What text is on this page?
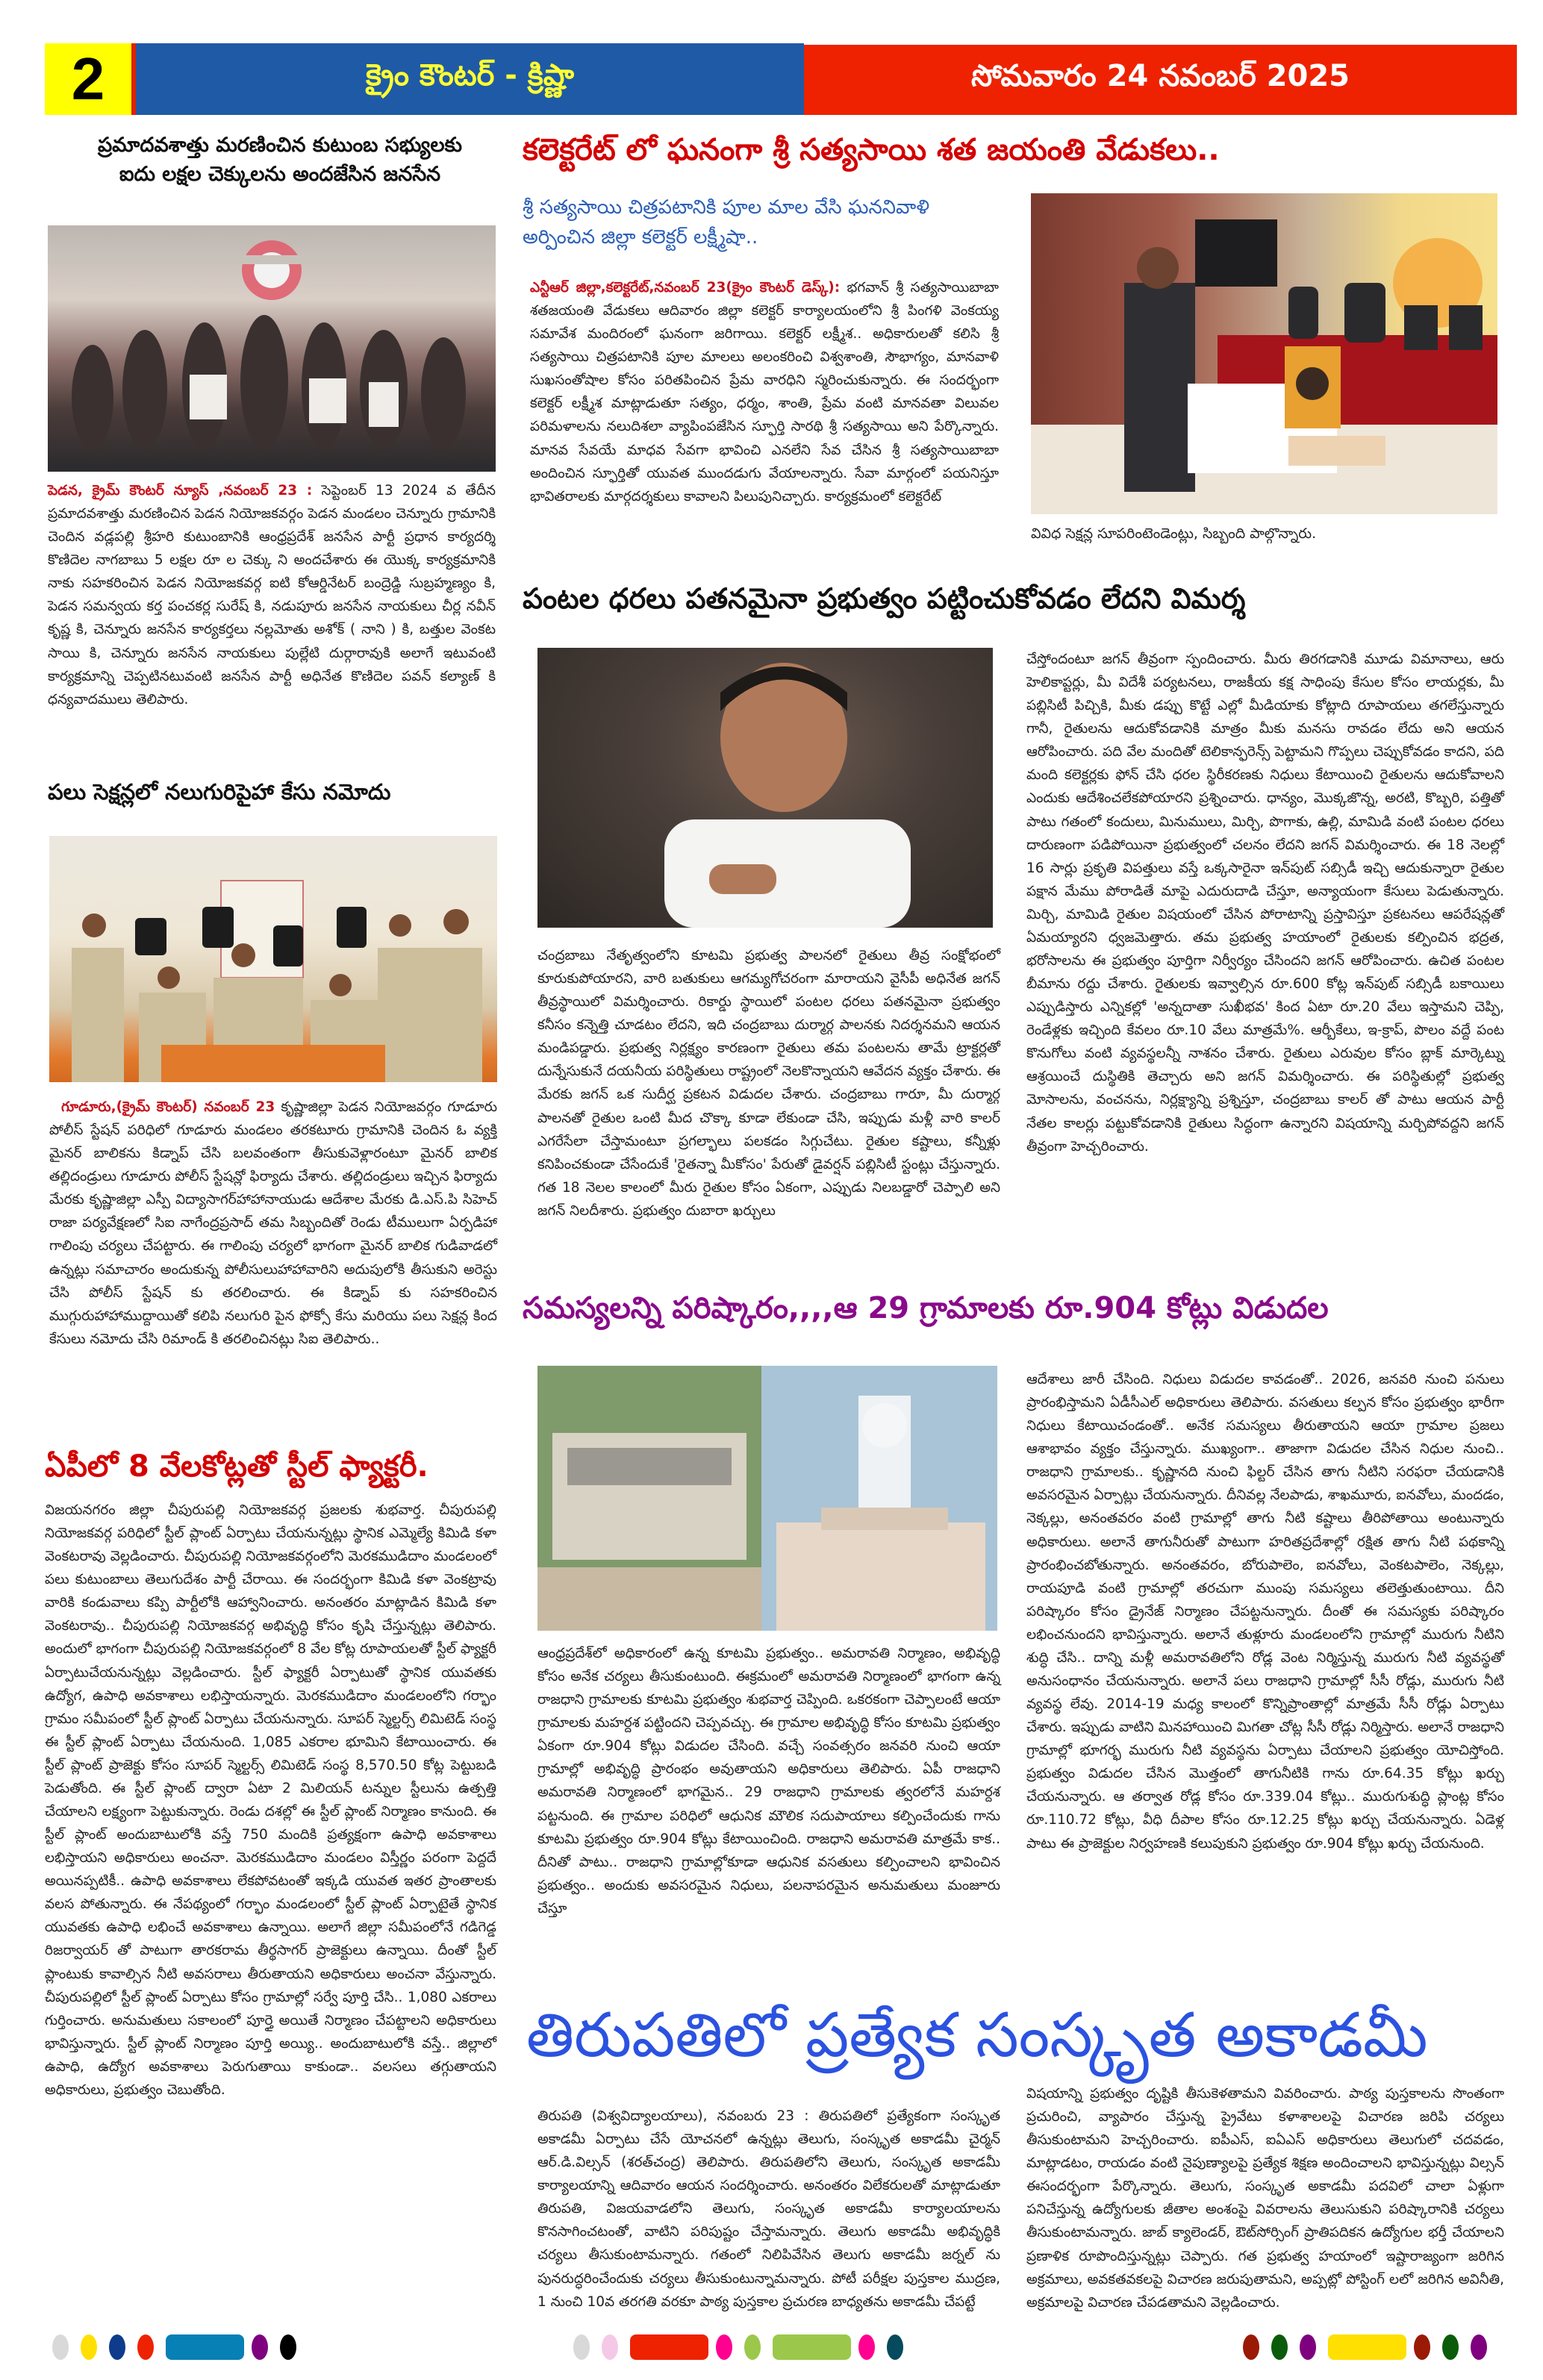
2	క్రైం కౌంటర్ - క్రిష్ణా	సోమవారం 24 నవంబర్ 2025
ప్రమాదవశాత్తు మరణించిన కుటుంబ సభ్యులకు
ఐదు లక్షల చెక్కులను అందజేసిన జనసేన
పెడన, క్రైమ్ కౌంటర్ న్యూస్ ,నవంబర్ 23 : సెప్టెంబర్ 13 2024 వ తేదీన ప్రమాదవశాత్తు మరణించిన పెడన నియోజకవర్గం పెడన మండలం చెన్నూరు గ్రామానికి చెందిన వడ్లపల్లి శ్రీహరి కుటుంబానికి ఆంధ్రప్రదేశ్ జనసేన పార్టీ ప్రధాన కార్యదర్శి కొణిదెల నాగబాబు 5 లక్షల రూ ల చెక్కు ని అందచేశారు ఈ యొక్క కార్యక్రమానికి నాకు సహకరించిన పెడన నియోజకవర్గ ఐటి కోఆర్డినేటర్ బంద్రెడ్డి సుబ్రహ్మణ్యం కి, పెడన సమన్వయ కర్త పంచకర్ల సురేష్ కి, నడుపూరు జనసేన నాయకులు చీర్ల నవీన్ కృష్ణ కి, చెన్నూరు జనసేన కార్యకర్తలు నల్లమోతు అశోక్ ( నాని ) కి, బత్తుల వెంకట సాయి కి, చెన్నూరు జనసేన నాయకులు పుల్లేటి దుర్గారావుకి అలాగే ఇటువంటి కార్యక్రమాన్ని చెప్పటినటువంటి జనసేన పార్టీ అధినేత కొణిదెల పవన్ కల్యాణ్ కి ధన్యవాదములు తెలిపారు.
పలు సెక్షన్లలో నలుగురిపైహా కేసు నమోదు
గూడూరు,(క్రైమ్ కౌంటర్) నవంబర్ 23 కృష్ణాజిల్లా పెడన నియోజవర్గం గూడూరు పోలీస్ స్టేషన్ పరిధిలో గూడూరు మండలం తరకటూరు గ్రామానికి చెందిన ఓ వ్యక్తి మైనర్ బాలికను కిడ్నాప్ చేసి బలవంతంగా తీసుకువెళ్లారంటూ మైనర్ బాలిక తల్లిదండ్రులు గూడూరు పోలీస్ స్టేషన్లో ఫిర్యాదు చేశారు. తల్లిదండ్రులు ఇచ్చిన ఫిర్యాదు మేరకు కృష్ణాజిల్లా ఎస్పీ విద్యాసాగర్‌హాహానాయుడు ఆదేశాల మేరకు డి.ఎస్.పి సిహెచ్ రాజా పర్యవేక్షణలో సిఐ నాగేంద్రప్రసాద్ తమ సిబ్బందితో రెండు టీములుగా ఏర్పడిహా గాలింపు చర్యలు చేపట్టారు. ఈ గాలింపు చర్యలో భాగంగా మైనర్ బాలిక గుడివాడలో ఉన్నట్లు సమాచారం అందుకున్న పోలీసులుహాహావారిని అదుపులోకి తీసుకుని అరెస్టు చేసి పోలీస్ స్టేషన్ కు తరలించారు. ఈ కిడ్నాప్ కు సహకరించిన ముగ్గురుహాహాముద్దాయితో కలిపి నలుగురి పైన ఫోక్సో కేసు మరియు పలు సెక్షన్ల కింద కేసులు నమోదు చేసి రిమాండ్ కి తరలించినట్లు సిఐ తెలిపారు..
ఏపీలో 8 వేలకోట్లతో స్టీల్ ఫ్యాక్టరీ.
విజయనగరం జిల్లా చీపురుపల్లి నియోజకవర్గ ప్రజలకు శుభవార్త. చీపురుపల్లి నియోజకవర్గ పరిధిలో స్టీల్ ప్లాంట్ ఏర్పాటు చేయనున్నట్లు స్థానిక ఎమ్మెల్యే కిమిడి కళా వెంకటరావు వెల్లడించారు. చీపురుపల్లి నియోజకవర్గంలోని మెరకముడిదాం మండలంలో పలు కుటుంబాలు తెలుగుదేశం పార్టీ చేరాయి. ఈ సందర్భంగా కిమిడి కళా వెంకట్రావు వారికి కండువాలు కప్పి పార్టీలోకి ఆహ్వానించారు. అనంతరం మాట్లాడిన కిమిడి కళా వెంకటరావు.. చీపురుపల్లి నియోజకవర్గ అభివృద్ధి కోసం కృషి చేస్తున్నట్లు తెలిపారు. అందులో భాగంగా చీపురుపల్లి నియోజకవర్గంలో 8 వేల కోట్ల రూపాయలతో స్టీల్ ఫ్యాక్టరీ ఏర్పాటుచేయనున్నట్లు వెల్లడించారు. స్టీల్ ఫ్యాక్టరీ ఏర్పాటుతో స్థానిక యువతకు ఉద్యోగ, ఉపాధి అవకాశాలు లభిస్తాయన్నారు. మెరకముడిదాం మండలంలోని గర్భాం గ్రామం సమీపంలో స్టీల్ ప్లాంట్ ఏర్పాటు చేయనున్నారు. సూపర్ స్మెల్టర్స్ లిమిటెడ్ సంస్థ ఈ స్టీల్ ప్లాంట్ ఏర్పాటు చేయనుంది. 1,085 ఎకరాల భూమిని కేటాయించారు. ఈ స్టీల్ ప్లాంట్ ప్రాజెక్టు కోసం సూపర్ స్మెల్టర్స్ లిమిటెడ్ సంస్థ 8,570.50 కోట్ల పెట్టుబడి పెడుతోంది. ఈ స్టీల్ ప్లాంట్ ద్వారా ఏటా 2 మిలియన్ టన్నుల స్టీలును ఉత్పత్తి చేయాలని లక్ష్యంగా పెట్టుకున్నారు. రెండు దశల్లో ఈ స్టీల్ ప్లాంట్ నిర్మాణం కానుంది. ఈ స్టీల్ ప్లాంట్ అందుబాటులోకి వస్తే 750 మందికి ప్రత్యక్షంగా ఉపాధి అవకాశాలు లభిస్తాయని అధికారులు అంచనా. మెరకముడిదాం మండలం విస్తీర్ణం పరంగా పెద్దదే అయినప్పటికీ.. ఉపాధి అవకాశాలు లేకపోవటంతో ఇక్కడి యువత ఇతర ప్రాంతాలకు వలస పోతున్నారు. ఈ నేపథ్యంలో గర్భాం మండలంలో స్టీల్ ప్లాంట్ ఏర్పాటైతే స్థానిక యువతకు ఉపాధి లభించే అవకాశాలు ఉన్నాయి. అలాగే జిల్లా సమీపంలోనే గడిగెడ్డ రిజర్వాయర్ తో పాటుగా తారకరామ తీర్థసాగర్ ప్రాజెక్టులు ఉన్నాయి. దీంతో స్టీల్ ప్లాంటుకు కావాల్సిన నీటి అవసరాలు తీరుతాయని అధికారులు అంచనా వేస్తున్నారు. చీపురుపల్లిలో స్టీల్ ప్లాంట్ ఏర్పాటు కోసం గ్రామాల్లో సర్వే పూర్తి చేసి.. 1,080 ఎకరాలు గుర్తించారు. అనుమతులు సకాలంలో పూర్తై అయితే నిర్మాణం చేపట్టాలని అధికారులు భావిస్తున్నారు. స్టీల్ ప్లాంట్ నిర్మాణం పూర్తి అయ్యి.. అందుబాటులోకి వస్తే.. జిల్లాలో ఉపాధి, ఉద్యోగ అవకాశాలు పెరుగుతాయి కాకుండా.. వలసలు తగ్గుతాయని అధికారులు, ప్రభుత్వం చెబుతోంది.
కలెక్టరేట్ లో ఘనంగా శ్రీ సత్యసాయి శత జయంతి వేడుకలు..
శ్రీ సత్యసాయి చిత్రపటానికి పూల మాల వేసి ఘననివాళి
అర్పించిన జిల్లా కలెక్టర్ లక్ష్మీషా..
ఎన్టీఆర్ జిల్లా,కలెక్టరేట్,నవంబర్ 23(క్రైం కౌంటర్ డెస్క్): భగవాన్ శ్రీ సత్యసాయిబాబా శతజయంతి వేడుకలు ఆదివారం జిల్లా కలెక్టర్ కార్యాలయంలోని శ్రీ పింగళి వెంకయ్య సమావేశ మందిరంలో ఘనంగా జరిగాయి. కలెక్టర్ లక్ష్మీశ.. అధికారులతో కలిసి శ్రీ సత్యసాయి చిత్రపటానికి పూల మాలలు అలంకరించి విశ్వశాంతి, సౌభాగ్యం, మానవాళి సుఖసంతోషాల కోసం పరితపించిన ప్రేమ వారధిని స్మరించుకున్నారు. ఈ సందర్భంగా కలెక్టర్ లక్ష్మీశ మాట్లాడుతూ సత్యం, ధర్మం, శాంతి, ప్రేమ వంటి మానవతా విలువల పరిమళాలను నలుదిశలా వ్యాపింపజేసిన స్ఫూర్తి సారథి శ్రీ సత్యసాయి అని పేర్కొన్నారు. మానవ సేవయే మాధవ సేవగా భావించి ఎనలేని సేవ చేసిన శ్రీ సత్యసాయిబాబా అందించిన స్ఫూర్తితో యువత ముందడుగు వేయాలన్నారు. సేవా మార్గంలో పయనిస్తూ భావితరాలకు మార్గదర్శకులు కావాలని పిలుపునిచ్చారు. కార్యక్రమంలో కలెక్టరేట్
వివిధ సెక్షన్ల సూపరింటెండెంట్లు, సిబ్బంది పాల్గొన్నారు.
పంటల ధరలు పతనమైనా ప్రభుత్వం పట్టించుకోవడం లేదని విమర్శ
చంద్రబాబు నేతృత్వంలోని కూటమి ప్రభుత్వ పాలనలో రైతులు తీవ్ర సంక్షోభంలో కూరుకుపోయారని, వారి బతుకులు ఆగమ్యగోచరంగా మారాయని వైసీపీ అధినేత జగన్ తీవ్రస్థాయిలో విమర్శించారు. రికార్డు స్థాయిలో పంటల ధరలు పతనమైనా ప్రభుత్వం కనీసం కన్నెత్తి చూడటం లేదని, ఇది చంద్రబాబు దుర్మార్గ పాలనకు నిదర్శనమని ఆయన మండిపడ్డారు. ప్రభుత్వ నిర్లక్ష్యం కారణంగా రైతులు తమ పంటలను తామే ట్రాక్టర్లతో దున్నేసుకునే దయనీయ పరిస్థితులు రాష్ట్రంలో నెలకొన్నాయని ఆవేదన వ్యక్తం చేశారు. ఈ మేరకు జగన్ ఒక సుదీర్ఘ ప్రకటన విడుదల చేశారు. చంద్రబాబు గారూ, మీ దుర్మార్గ పాలనతో రైతుల ఒంటి మీద చొక్కా కూడా లేకుండా చేసి, ఇప్పుడు మళ్లీ వారి కాలర్ ఎగరేసేలా చేస్తామంటూ ప్రగల్భాలు పలకడం సిగ్గుచేటు. రైతుల కష్టాలు, కన్నీళ్లు కనిపించకుండా చేసేందుకే 'రైతన్నా మీకోసం' పేరుతో డైవర్షన్ పబ్లిసిటీ స్టంట్లు చేస్తున్నారు. గత 18 నెలల కాలంలో మీరు రైతుల కోసం ఏకంగా, ఎప్పుడు నిలబడ్డారో చెప్పాలి అని జగన్ నిలదీశారు. ప్రభుత్వం దుబారా ఖర్చులు
చేస్తోందంటూ జగన్ తీవ్రంగా స్పందించారు. మీరు తిరగడానికి మూడు విమానాలు, ఆరు హెలికాప్టర్లు, మీ విదేశీ పర్యటనలు, రాజకీయ కక్ష సాధింపు కేసుల కోసం లాయర్లకు, మీ పబ్లిసిటీ పిచ్చికి, మీకు డప్పు కొట్టే ఎల్లో మీడియాకు కోట్లాది రూపాయలు తగలేస్తున్నారు గానీ, రైతులను ఆదుకోవడానికి మాత్రం మీకు మనసు రావడం లేదు అని ఆయన ఆరోపించారు. పది వేల మందితో టెలికాన్ఫరెన్స్ పెట్టామని గొప్పలు చెప్పుకోవడం కాదని, పది మంది కలెక్టర్లకు ఫోన్ చేసి ధరల స్థిరీకరణకు నిధులు కేటాయించి రైతులను ఆదుకోవాలని ఎందుకు ఆదేశించలేకపోయారని ప్రశ్నించారు. ధాన్యం, మొక్కజొన్న, అరటి, కొబ్బరి, పత్తితో పాటు గతంలో కందులు, మినుములు, మిర్చి, పొగాకు, ఉల్లి, మామిడి వంటి పంటల ధరలు దారుణంగా పడిపోయినా ప్రభుత్వంలో చలనం లేదని జగన్ విమర్శించారు. ఈ 18 నెలల్లో 16 సార్లు ప్రకృతి విపత్తులు వస్తే ఒక్కసారైనా ఇన్‌పుట్ సబ్సిడీ ఇచ్చి ఆదుకున్నారా రైతుల పక్షాన మేము పోరాడితే మాపై ఎదురుదాడి చేస్తూ, అన్యాయంగా కేసులు పెడుతున్నారు. మిర్చి, మామిడి రైతుల విషయంలో చేసిన పోరాటాన్ని ప్రస్తావిస్తూ ప్రకటనలు ఆపరేషన్లతో ఏమయ్యారని ధ్వజమెత్తారు. తమ ప్రభుత్వ హయాంలో రైతులకు కల్పించిన భద్రత, భరోసాలను ఈ ప్రభుత్వం పూర్తిగా నిర్వీర్యం చేసిందని జగన్ ఆరోపించారు. ఉచిత పంటల బీమాను రద్దు చేశారు. రైతులకు ఇవ్వాల్సిన రూ.600 కోట్ల ఇన్‌పుట్ సబ్సిడీ బకాయిలు ఎప్పుడిస్తారు ఎన్నికల్లో 'అన్నదాతా సుఖీభవ' కింద ఏటా రూ.20 వేలు ఇస్తామని చెప్పి, రెండేళ్లకు ఇచ్చింది కేవలం రూ.10 వేలు మాత్రమే%. ఆర్బీకేలు, ఇ-క్రాప్, పొలం వద్దే పంట కొనుగోలు వంటి వ్యవస్థలన్నీ నాశనం చేశారు. రైతులు ఎరువుల కోసం బ్లాక్ మార్కెట్ను ఆశ్రయించే దుస్థితికి తెచ్చారు అని జగన్ విమర్శించారు. ఈ పరిస్థితుల్లో ప్రభుత్వ మోసాలను, వంచనను, నిర్లక్ష్యాన్ని ప్రశ్నిస్తూ, చంద్రబాబు కాలర్ తో పాటు ఆయన పార్టీ నేతల కాలర్లు పట్టుకోవడానికి రైతులు సిద్ధంగా ఉన్నారని విషయాన్ని మర్చిపోవద్దని జగన్ తీవ్రంగా హెచ్చరించారు.
సమస్యలన్ని పరిష్కారం,,,,ఆ 29 గ్రామాలకు రూ.904 కోట్లు విడుదల
ఆంధ్రప్రదేశ్‌లో అధికారంలో ఉన్న కూటమి ప్రభుత్వం.. అమరావతి నిర్మాణం, అభివృద్ధి కోసం అనేక చర్యలు తీసుకుంటుంది. ఈక్రమంలో అమరావతి నిర్మాణంలో భాగంగా ఉన్న రాజధాని గ్రామాలకు కూటమి ప్రభుత్వం శుభవార్త చెప్పింది. ఒకరకంగా చెప్పాలంటే ఆయా గ్రామాలకు మహర్దశ పట్టిందని చెప్పవచ్చు. ఈ గ్రామాల అభివృద్ధి కోసం కూటమి ప్రభుత్వం ఏకంగా రూ.904 కోట్లు విడుదల చేసింది. వచ్చే సంవత్సరం జనవరి నుంచి ఆయా గ్రామాల్లో అభివృద్ధి ప్రారంభం అవుతాయని అధికారులు తెలిపారు. ఏపీ రాజధాని అమరావతి నిర్మాణంలో భాగమైన.. 29 రాజధాని గ్రామాలకు త్వరలోనే మహర్దశ పట్టనుంది. ఈ గ్రామాల పరిధిలో ఆధునిక మౌలిక సదుపాయాలు కల్పించేందుకు గాను కూటమి ప్రభుత్వం రూ.904 కోట్లు కేటాయించింది. రాజధాని అమరావతి మాత్రమే కాక.. దీనితో పాటు.. రాజధాని గ్రామాల్లోకూడా ఆధునిక వసతులు కల్పించాలని భావించిన ప్రభుత్వం.. అందుకు అవసరమైన నిధులు, పలనాపరమైన అనుమతులు మంజూరు చేస్తూ
ఆదేశాలు జారీ చేసింది. నిధులు విడుదల కావడంతో.. 2026, జనవరి నుంచి పనులు ప్రారంభిస్తామని ఏడీసీఎల్ అధికారులు తెలిపారు. వసతులు కల్పన కోసం ప్రభుత్వం భారీగా నిధులు కేటాయిచండంతో.. అనేక సమస్యలు తీరుతాయని ఆయా గ్రామాల ప్రజలు ఆశాభావం వ్యక్తం చేస్తున్నారు. ముఖ్యంగా.. తాజాగా విడుదల చేసిన నిధుల నుంచి.. రాజధాని గ్రామాలకు.. కృష్ణానది నుంచి ఫిల్టర్ చేసిన తాగు నీటిని సరఫరా చేయడానికి అవసరమైన ఏర్పాట్లు చేయనున్నారు. దీనివల్ల నేలపాడు, శాఖమూరు, ఐనవోలు, మందడం, నెక్కల్లు, అనంతవరం వంటి గ్రామాల్లో తాగు నీటి కష్టాలు తీరిపోతాయి అంటున్నారు అధికారులు. అలానే తాగునీరుతో పాటుగా హరితప్రదేశాల్లో రక్షిత తాగు నీటి పథకాన్ని ప్రారంభించబోతున్నారు. అనంతవరం, బోరుపాలెం, ఐనవోలు, వెంకటపాలెం, నెక్కల్లు, రాయపూడి వంటి గ్రామాల్లో తరచుగా ముంపు సమస్యలు తలెత్తుతుంటాయి. దీని పరిష్కారం కోసం డ్రైనేజ్ నిర్మాణం చేపట్టనున్నారు. దీంతో ఈ సమస్యకు పరిష్కారం లభించనుందని భావిస్తున్నారు. అలానే తుళ్లూరు మండలంలోని గ్రామాల్లో మురుగు నీటిని శుద్ధి చేసి.. దాన్ని మళ్లీ అమరావతిలోని రోడ్ల వెంట నిర్మిస్తున్న మురుగు నీటి వ్యవస్థతో అనుసంధానం చేయనున్నారు. అలానే పలు రాజధాని గ్రామాల్లో సీసీ రోడ్లు, మురుగు నీటి వ్యవస్థ లేవు. 2014-19 మధ్య కాలంలో కొన్నిప్రాంతాల్లో మాత్రమే సీసీ రోడ్లు ఏర్పాటు చేశారు. ఇప్పుడు వాటిని మినహాయించి మిగతా చోట్ల సీసీ రోడ్లు నిర్మిస్తారు. అలానే రాజధాని గ్రామాల్లో భూగర్భ మురుగు నీటి వ్యవస్థను ఏర్పాటు చేయాలని ప్రభుత్వం యోచిస్తోంది. ప్రభుత్వం విడుదల చేసిన మొత్తంలో తాగునీటికి గాను రూ.64.35 కోట్లు ఖర్చు చేయనున్నారు. ఆ తర్వాత రోడ్ల కోసం రూ.339.04 కోట్లు.. మురుగుశుద్ధి ప్లాంట్ల కోసం రూ.110.72 కోట్లు, వీధి దీపాల కోసం రూ.12.25 కోట్లు ఖర్చు చేయనున్నారు. ఏడెళ్ల పాటు ఈ ప్రాజెక్టుల నిర్వహణకి కలుపుకుని ప్రభుత్వం రూ.904 కోట్లు ఖర్చు చేయనుంది.
తిరుపతిలో ప్రత్యేక సంస్కృత అకాడమీ
తిరుపతి (విశ్వవిద్యాలయాలు), నవంబరు 23 : తిరుపతిలో ప్రత్యేకంగా సంస్కృత అకాడమీ ఏర్పాటు చేసే యోచనలో ఉన్నట్లు తెలుగు, సంస్కృత అకాడమీ చైర్మన్ ఆర్.డి.విల్సన్ (శరత్‌చంద్ర) తెలిపారు. తిరుపతిలోని తెలుగు, సంస్కృత అకాడమీ కార్యాలయాన్ని ఆదివారం ఆయన సందర్శించారు. అనంతరం విలేకరులతో మాట్లాడుతూ తిరుపతి, విజయవాడలోని తెలుగు, సంస్కృత అకాడమీ కార్యాలయాలను కొనసాగించటంతో, వాటిని పరిపుష్టం చేస్తామన్నారు. తెలుగు అకాడమీ అభివృద్ధికి చర్యలు తీసుకుంటామన్నారు. గతంలో నిలిపివేసిన తెలుగు అకాడమీ జర్నల్ ను పునరుద్ధరించేందుకు చర్యలు తీసుకుంటున్నామన్నారు. పోటీ పరీక్షల పుస్తకాల ముద్రణ, 1 నుంచి 10వ తరగతి వరకూ పాఠ్య పుస్తకాల ప్రచురణ బాధ్యతను అకాడమీ చేపట్టే
విషయాన్ని ప్రభుత్వం దృష్టికి తీసుకెళతామని వివరించారు. పాఠ్య పుస్తకాలను సొంతంగా ప్రచురించి, వ్యాపారం చేస్తున్న ప్రైవేటు కళాశాలలపై విచారణ జరిపి చర్యలు తీసుకుంటామని హెచ్చరించారు. ఐపీఎస్, ఐఏఎస్ అధికారులు తెలుగులో చదవడం, మాట్లాడటం, రాయడం వంటి నైపుణ్యాలపై ప్రత్యేక శిక్షణ అందించాలని భావిస్తున్నట్లు విల్సన్ ఈసందర్భంగా పేర్కొన్నారు. తెలుగు, సంస్కృత అకాడమీ పదవిలో చాలా ఏళ్లుగా పనిచేస్తున్న ఉద్యోగులకు జీతాల అంశంపై వివరాలను తెలుసుకుని పరిష్కారానికి చర్యలు తీసుకుంటామన్నారు. జాబ్ క్యాలెండర్, ఔట్‌సోర్సింగ్ ప్రాతిపదికన ఉద్యోగుల భర్తీ చేయాలని ప్రణాళిక రూపొందిస్తున్నట్లు చెప్పారు. గత ప్రభుత్వ హయాంలో ఇష్టారాజ్యంగా జరిగిన అక్రమాలు, అవకతవకలపై విచారణ జరుపుతామని, అప్పట్లో పోస్టింగ్ లలో జరిగిన అవినీతి, అక్రమాలపై విచారణ చేపడతామని వెల్లడించారు.
